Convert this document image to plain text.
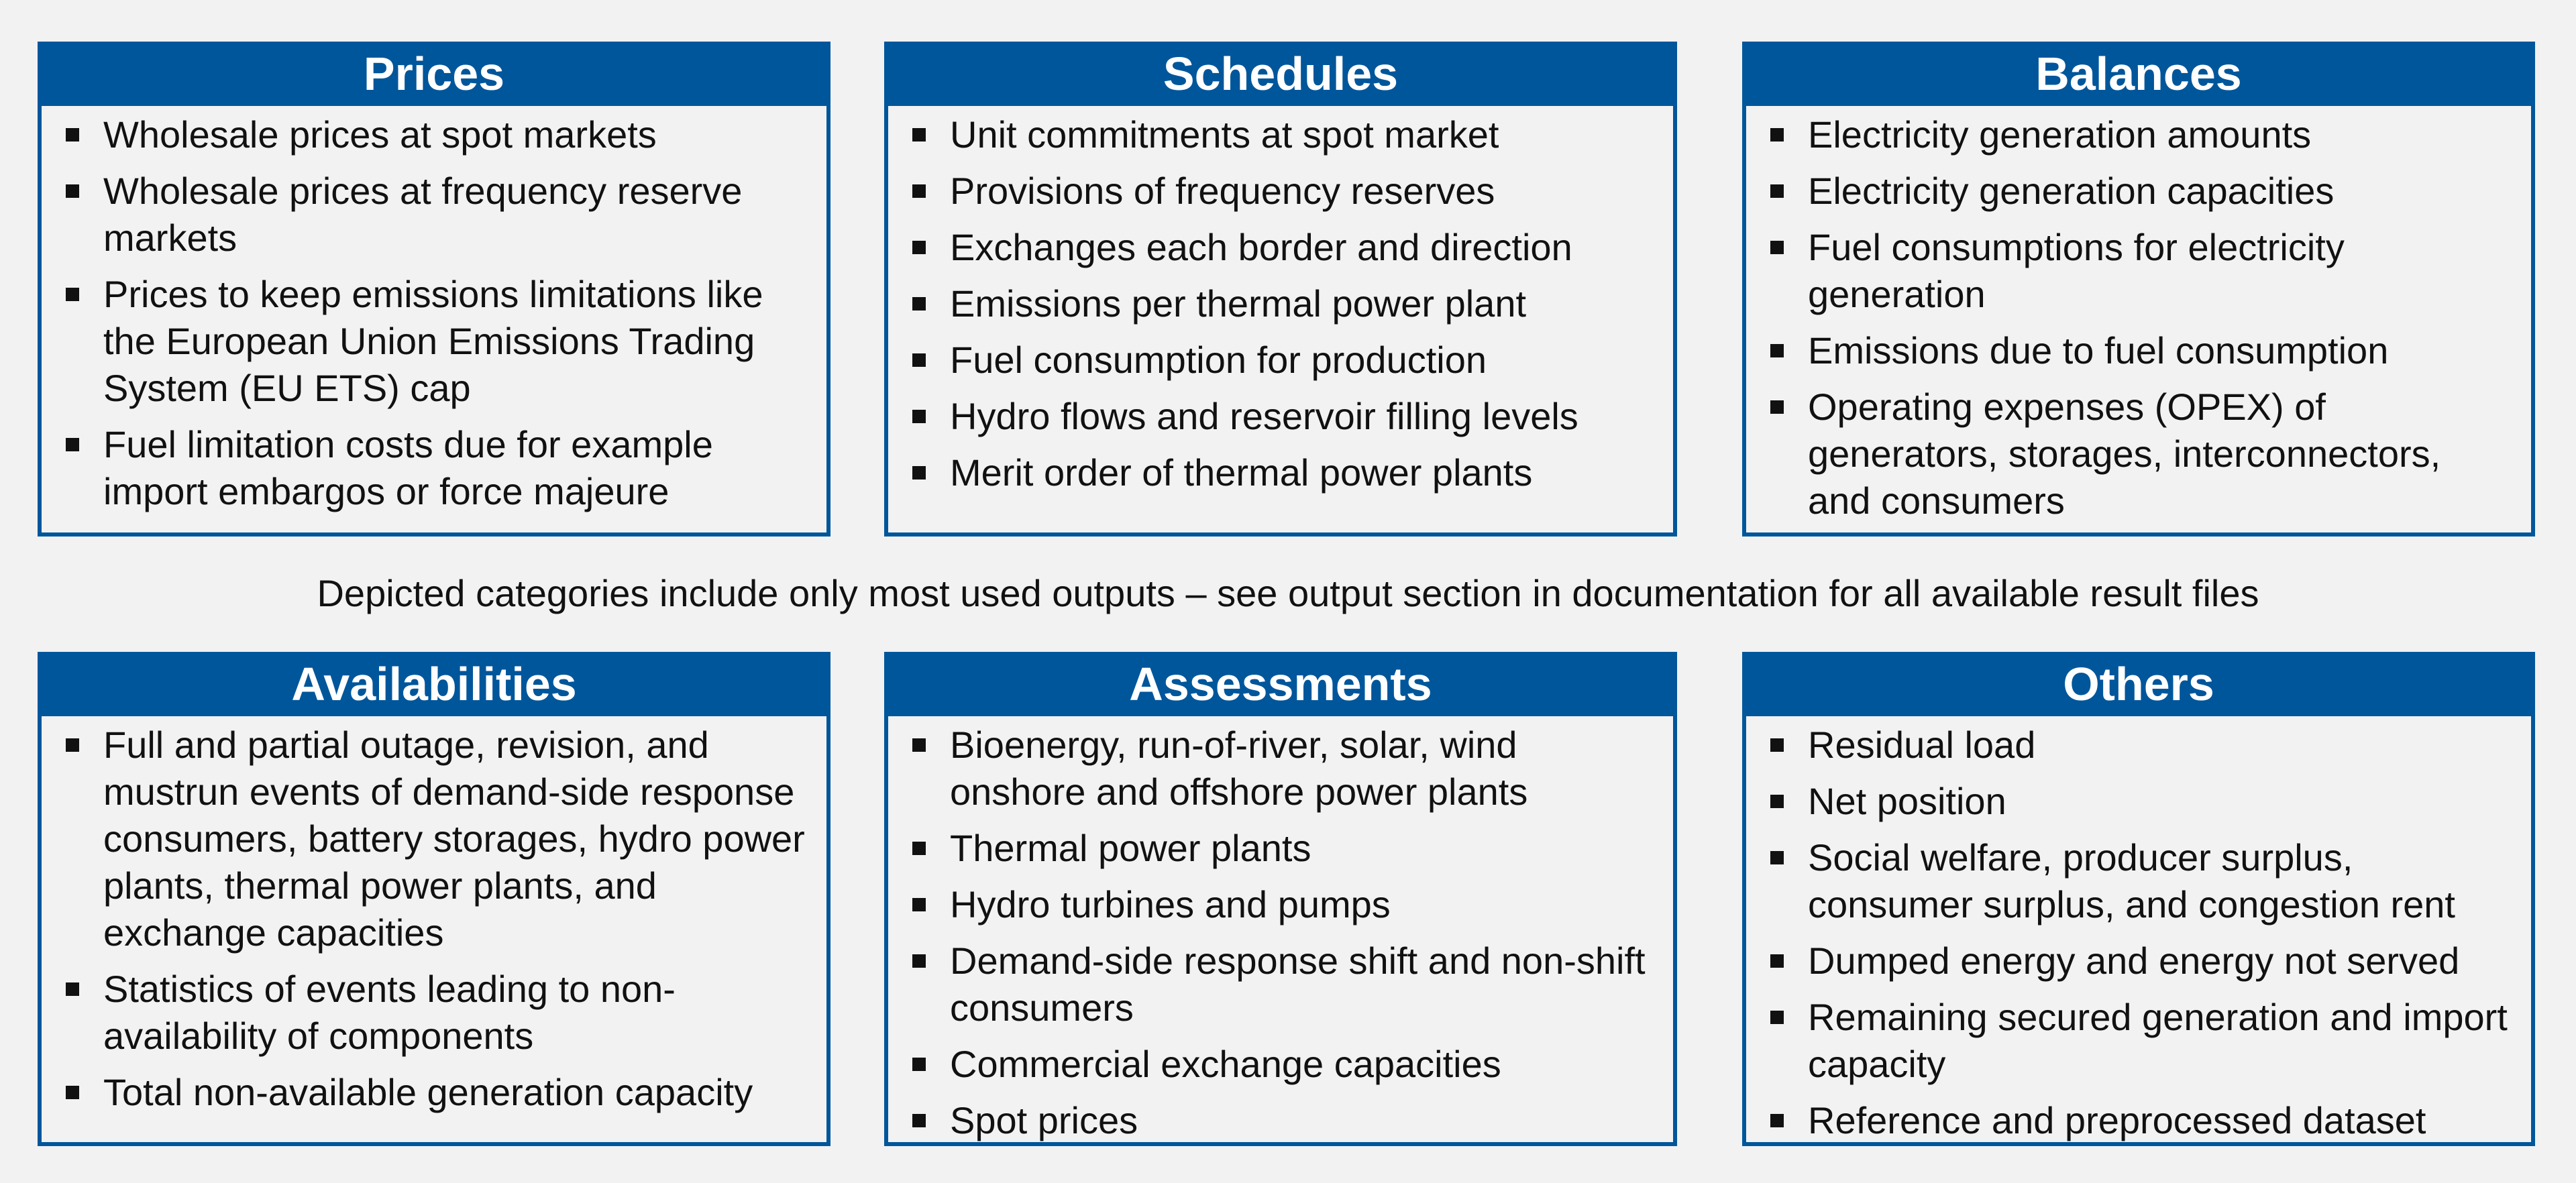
Prices
Wholesale prices at spot markets
Wholesale prices at frequency reserve markets
Prices to keep emissions limitations like the European Union Emissions Trading System (EU ETS) cap
Fuel limitation costs due for example import embargos or force majeure
Schedules
Unit commitments at spot market
Provisions of frequency reserves
Exchanges each border and direction
Emissions per thermal power plant
Fuel consumption for production
Hydro flows and reservoir filling levels
Merit order of thermal power plants
Balances
Electricity generation amounts
Electricity generation capacities
Fuel consumptions for electricity generation
Emissions due to fuel consumption
Operating expenses (OPEX) of generators, storages, interconnectors, and consumers
Depicted categories include only most used outputs – see output section in documentation for all available result files
Availabilities
Full and partial outage, revision, and mustrun events of demand-side response consumers, battery storages, hydro power plants, thermal power plants, and exchange capacities
Statistics of events leading to non-availability of components
Total non-available generation capacity
Assessments
Bioenergy, run-of-river, solar, wind onshore and offshore power plants
Thermal power plants
Hydro turbines and pumps
Demand-side response shift and non-shift consumers
Commercial exchange capacities
Spot prices
Others
Residual load
Net position
Social welfare, producer surplus, consumer surplus, and congestion rent
Dumped energy and energy not served
Remaining secured generation and import capacity
Reference and preprocessed dataset
